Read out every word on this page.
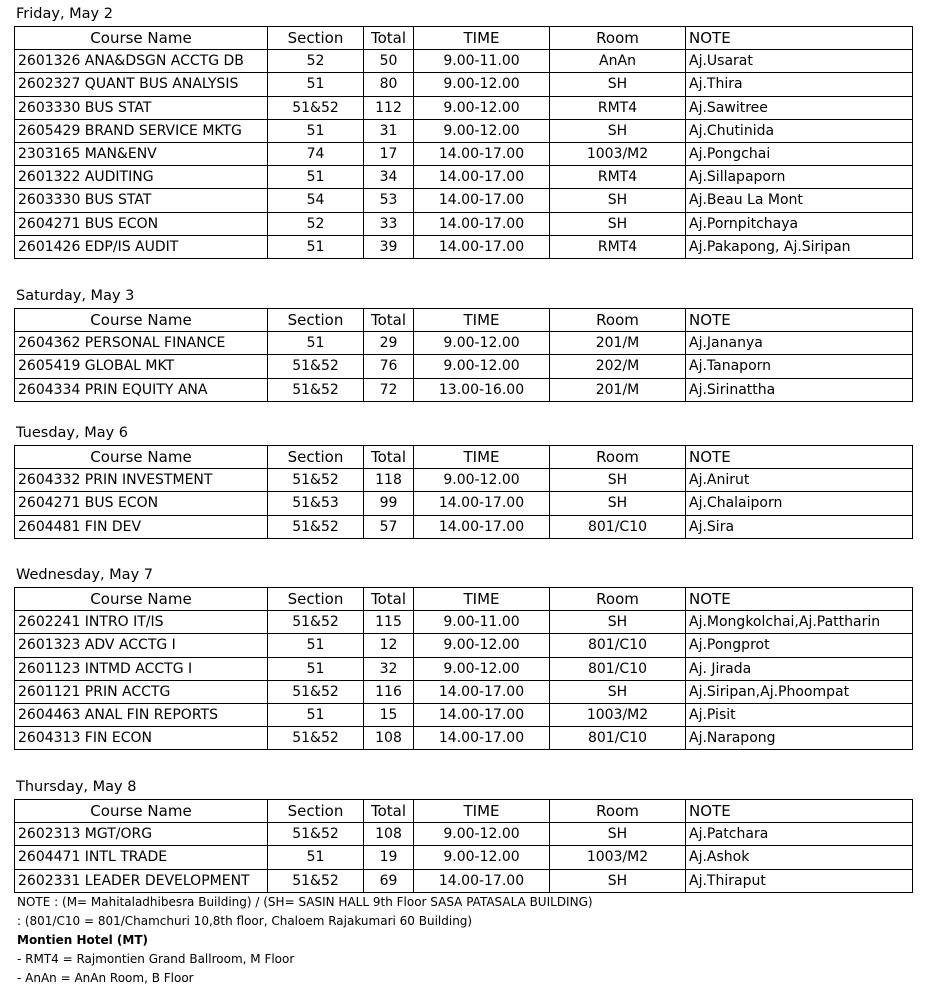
Friday, May 2
Course Name	Section	Total	TIME	Room	NOTE
2601326 ANA&DSGN ACCTG DB	52	50	9.00-11.00	AnAn	Aj.Usarat
2602327 QUANT BUS ANALYSIS	51	80	9.00-12.00	SH	Aj.Thira
2603330 BUS STAT	51&52	112	9.00-12.00	RMT4	Aj.Sawitree
2605429 BRAND SERVICE MKTG	51	31	9.00-12.00	SH	Aj.Chutinida
2303165 MAN&ENV	74	17	14.00-17.00	1003/M2	Aj.Pongchai
2601322 AUDITING	51	34	14.00-17.00	RMT4	Aj.Sillapaporn
2603330 BUS STAT	54	53	14.00-17.00	SH	Aj.Beau La Mont
2604271 BUS ECON	52	33	14.00-17.00	SH	Aj.Pornpitchaya
2601426 EDP/IS AUDIT	51	39	14.00-17.00	RMT4	Aj.Pakapong, Aj.Siripan
Saturday, May 3
Course Name	Section	Total	TIME	Room	NOTE
2604362 PERSONAL FINANCE	51	29	9.00-12.00	201/M	Aj.Jananya
2605419 GLOBAL MKT	51&52	76	9.00-12.00	202/M	Aj.Tanaporn
2604334 PRIN EQUITY ANA	51&52	72	13.00-16.00	201/M	Aj.Sirinattha
Tuesday, May 6
Course Name	Section	Total	TIME	Room	NOTE
2604332 PRIN INVESTMENT	51&52	118	9.00-12.00	SH	Aj.Anirut
2604271 BUS ECON	51&53	99	14.00-17.00	SH	Aj.Chalaiporn
2604481 FIN DEV	51&52	57	14.00-17.00	801/C10	Aj.Sira
Wednesday, May 7
Course Name	Section	Total	TIME	Room	NOTE
2602241 INTRO IT/IS	51&52	115	9.00-11.00	SH	Aj.Mongkolchai,Aj.Pattharin
2601323 ADV ACCTG I	51	12	9.00-12.00	801/C10	Aj.Pongprot
2601123 INTMD ACCTG I	51	32	9.00-12.00	801/C10	Aj. Jirada
2601121 PRIN ACCTG	51&52	116	14.00-17.00	SH	Aj.Siripan,Aj.Phoompat
2604463 ANAL FIN REPORTS	51	15	14.00-17.00	1003/M2	Aj.Pisit
2604313 FIN ECON	51&52	108	14.00-17.00	801/C10	Aj.Narapong
Thursday, May 8
Course Name	Section	Total	TIME	Room	NOTE
2602313 MGT/ORG	51&52	108	9.00-12.00	SH	Aj.Patchara
2604471 INTL TRADE	51	19	9.00-12.00	1003/M2	Aj.Ashok
2602331 LEADER DEVELOPMENT	51&52	69	14.00-17.00	SH	Aj.Thiraput
NOTE : (M= Mahitaladhibesra Building) / (SH= SASIN HALL 9th Floor SASA PATASALA BUILDING)
: (801/C10 = 801/Chamchuri 10,8th floor, Chaloem Rajakumari 60 Building)
Montien Hotel (MT)
- RMT4 = Rajmontien Grand Ballroom, M Floor
- AnAn = AnAn Room, B Floor
